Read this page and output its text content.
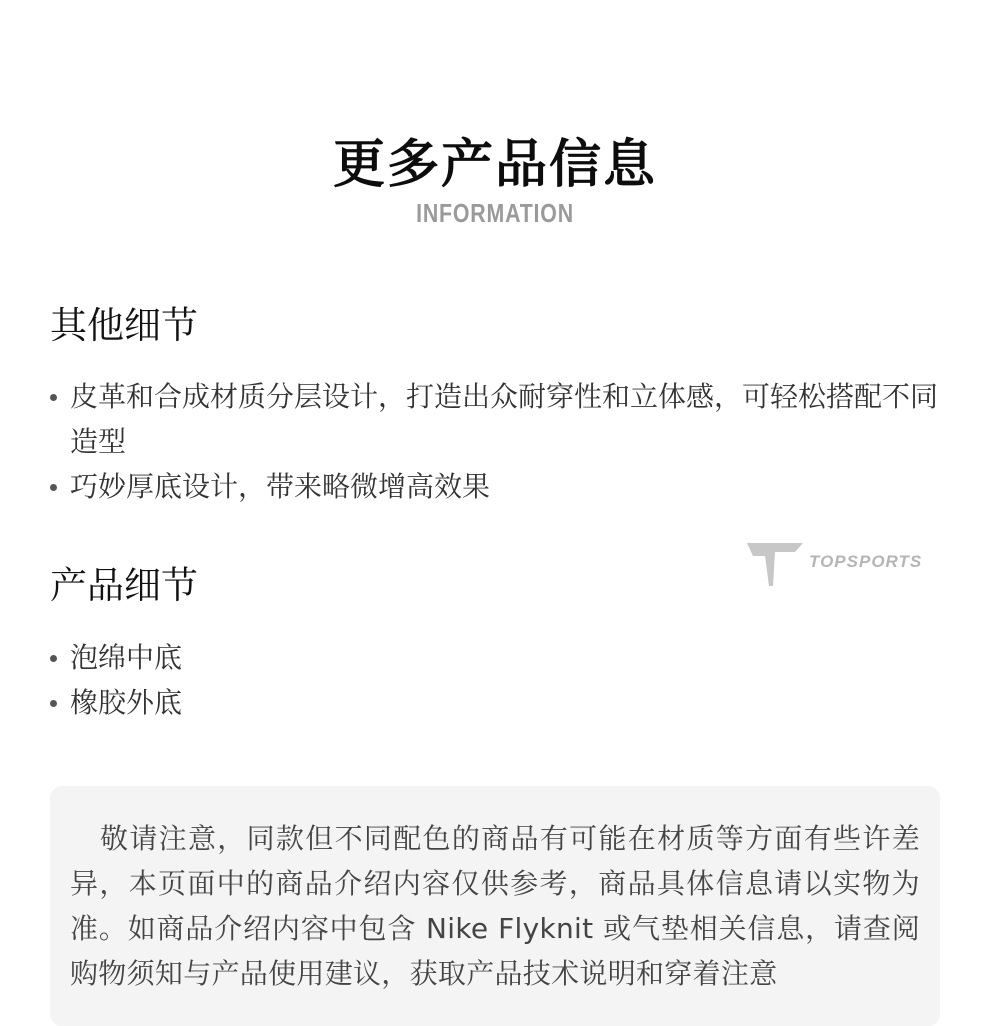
更多产品信息
INFORMATION
其他细节
皮革和合成材质分层设计，打造出众耐穿性和立体感，可轻松搭配不同造型
巧妙厚底设计，带来略微增高效果
TOPSPORTS
产品细节
泡绵中底
橡胶外底
敬请注意，同款但不同配色的商品有可能在材质等方面有些许差异，本页面中的商品介绍内容仅供参考，商品具体信息请以实物为准。如商品介绍内容中包含 Nike Flyknit 或气垫相关信息，请查阅购物须知与产品使用建议，获取产品技术说明和穿着注意
